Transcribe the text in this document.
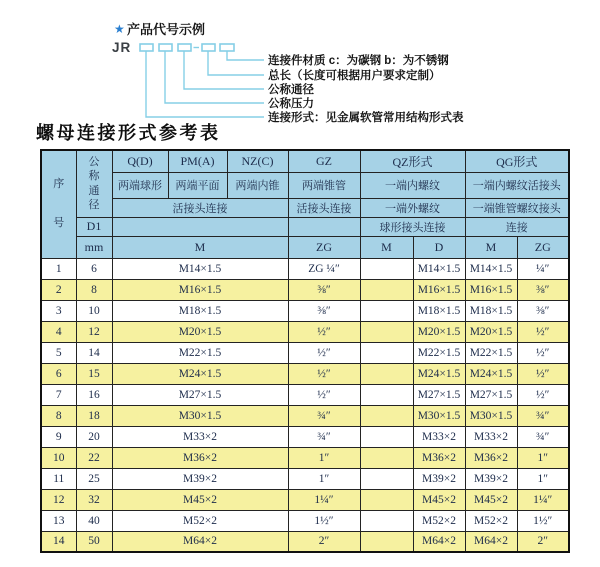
★ 产品代号示例
JR
连接件材质 c：为碳钢 b：为不锈钢
总长（长度可根据用户要求定制）
公称通径
公称压力
连接形式：见金属软管常用结构形式表
螺母连接形式参考表
序号	公称通径	Q(D)	PM(A)	NZ(C)	GZ	QZ形式		QG形式	
		两端球形	两端平面	两端内锥	两端锥管	一端内螺纹		一端内螺纹活接头	
		活接头连接			活接头连接	一端外螺纹		一端锥管螺纹接头	
	D1					球形接头连接		连接	
	mm	M			ZG	M	D	M	ZG
1	6	M14×1.5			ZG ¼″		M14×1.5	M14×1.5	¼″
2	8	M16×1.5			⅜″		M16×1.5	M16×1.5	⅜″
3	10	M18×1.5			⅜″		M18×1.5	M18×1.5	⅜″
4	12	M20×1.5			½″		M20×1.5	M20×1.5	½″
5	14	M22×1.5			½″		M22×1.5	M22×1.5	½″
6	15	M24×1.5			½″		M24×1.5	M24×1.5	½″
7	16	M27×1.5			½″		M27×1.5	M27×1.5	½″
8	18	M30×1.5			¾″		M30×1.5	M30×1.5	¾″
9	20	M33×2			¾″		M33×2	M33×2	¾″
10	22	M36×2			1″		M36×2	M36×2	1″
11	25	M39×2			1″		M39×2	M39×2	1″
12	32	M45×2			1¼″		M45×2	M45×2	1¼″
13	40	M52×2			1½″		M52×2	M52×2	1½″
14	50	M64×2			2″		M64×2	M64×2	2″
